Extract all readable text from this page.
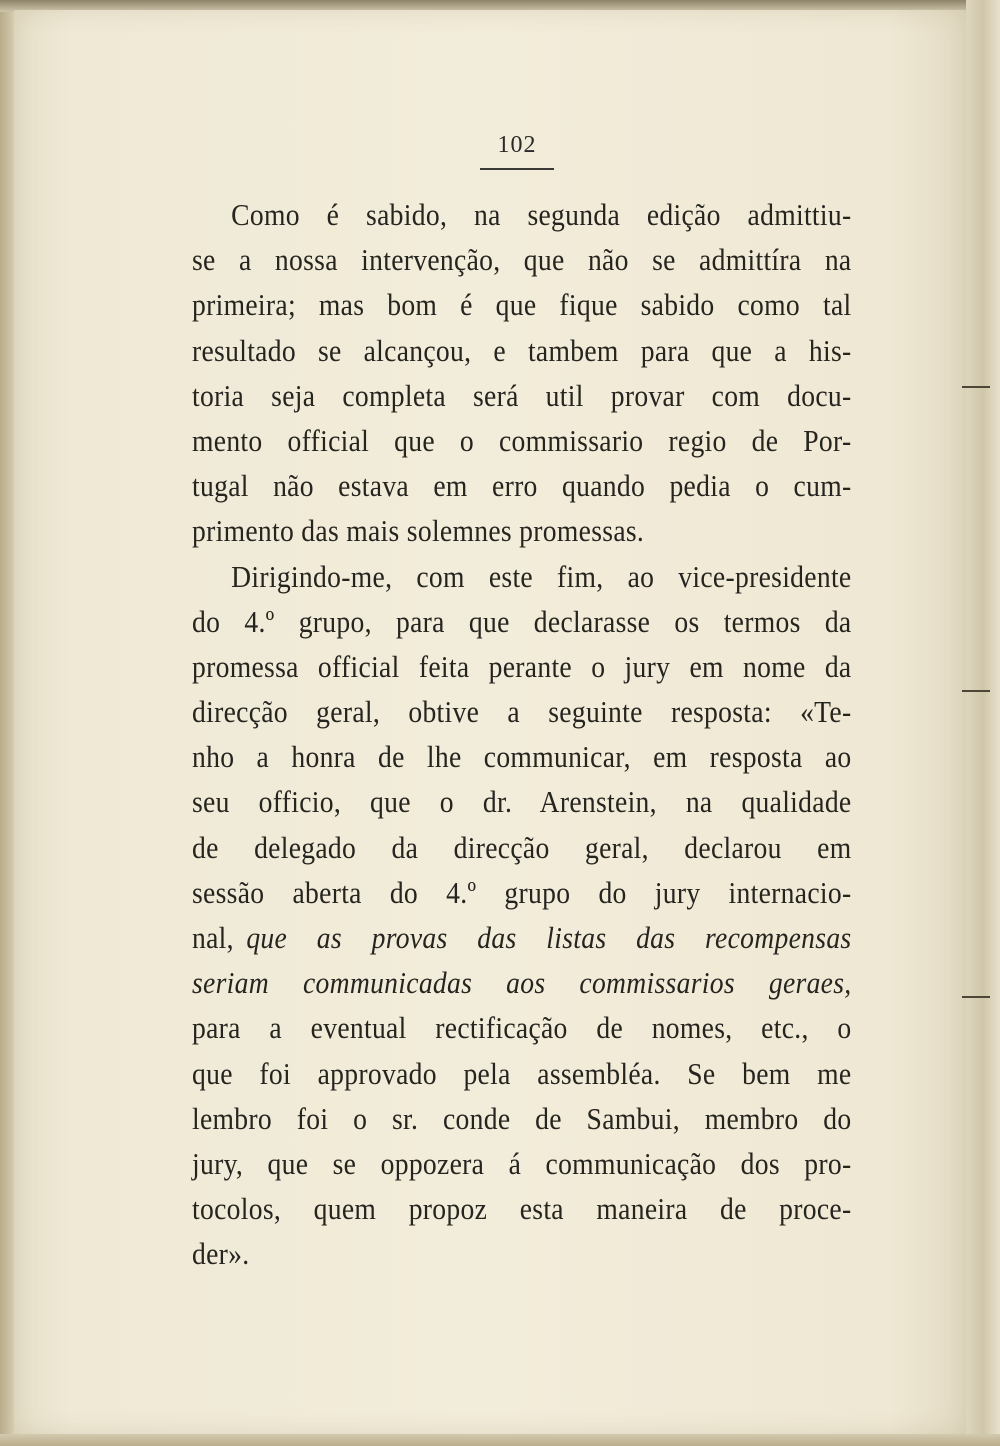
102
Como é sabido, na segunda edição admittiu-
se a nossa intervenção, que não se admittíra na
primeira; mas bom é que fique sabido como tal
resultado se alcançou, e tambem para que a his-
toria seja completa será util provar com docu-
mento official que o commissario regio de Por-
tugal não estava em erro quando pedia o cum-
primento das mais solemnes promessas.
Dirigindo-me, com este fim, ao vice-presidente
do 4.º grupo, para que declarasse os termos da
promessa official feita perante o jury em nome da
direcção geral, obtive a seguinte resposta: «Te-
nho a honra de lhe communicar, em resposta ao
seu officio, que o dr. Arenstein, na qualidade
de delegado da direcção geral, declarou em
sessão aberta do 4.º grupo do jury internacio-
nal, que as provas das listas das recompensas
seriam communicadas aos commissarios geraes,
para a eventual rectificação de nomes, etc., o
que foi approvado pela assembléa. Se bem me
lembro foi o sr. conde de Sambui, membro do
jury, que se oppozera á communicação dos pro-
tocolos, quem propoz esta maneira de proce-
der».
